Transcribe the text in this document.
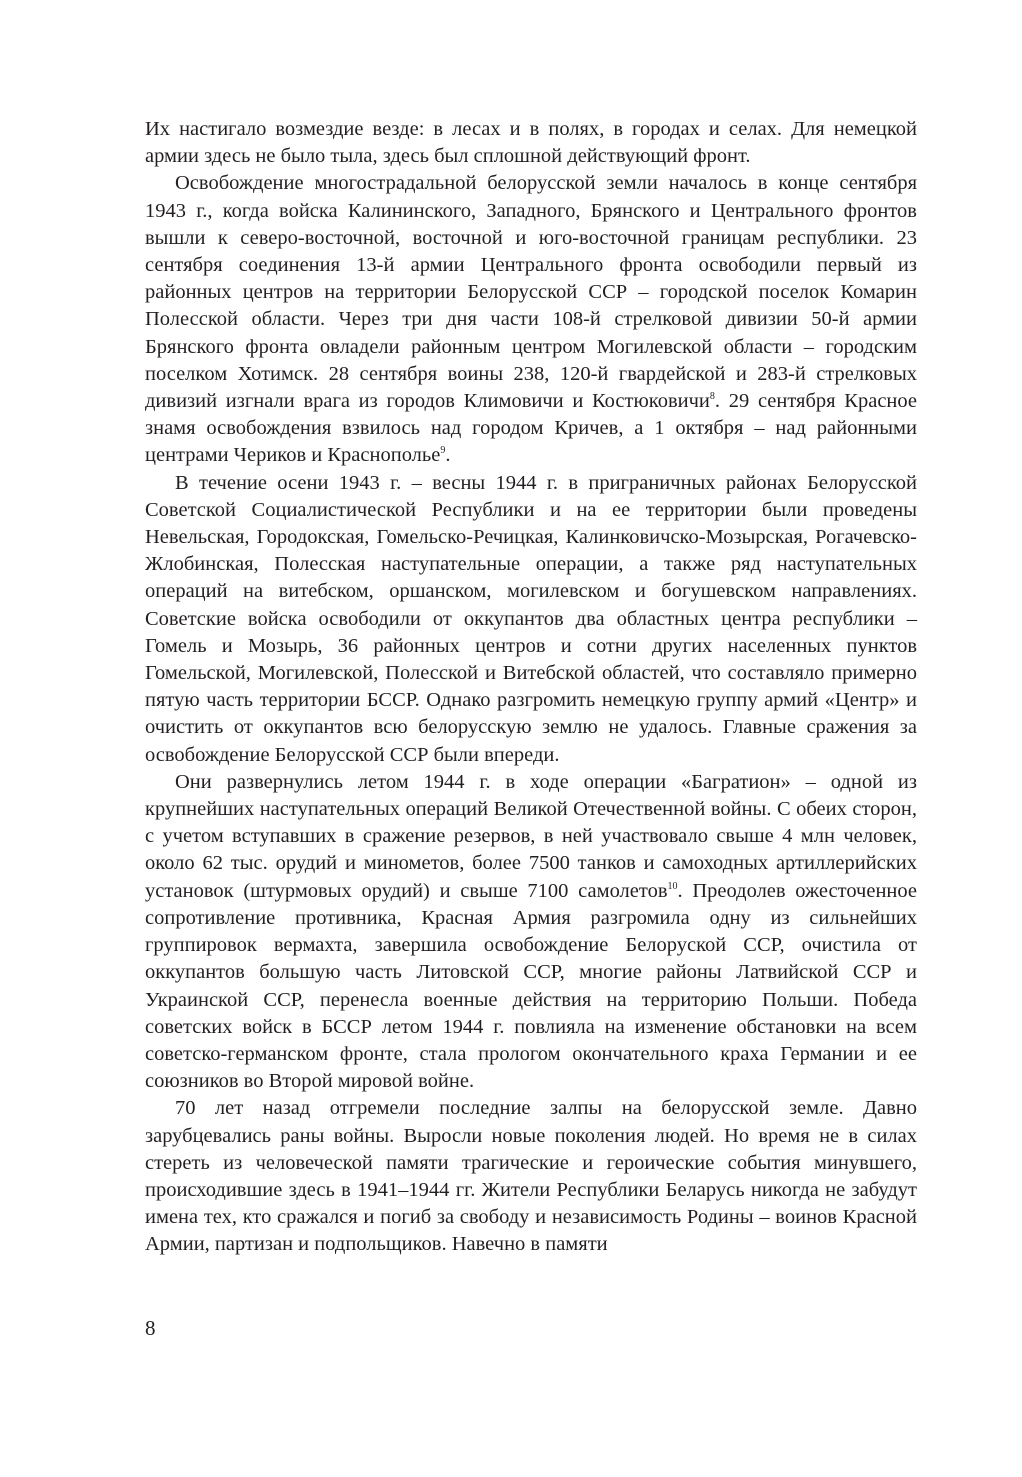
Их настигало возмездие везде: в лесах и в полях, в городах и селах. Для немецкой армии здесь не было тыла, здесь был сплошной действующий фронт.

Освобождение многострадальной белорусской земли началось в конце сентября 1943 г., когда войска Калининского, Западного, Брянского и Центрального фронтов вышли к северо-восточной, восточной и юго-восточной границам республики. 23 сентября соединения 13-й армии Центрального фронта освободили первый из районных центров на территории Белорусской ССР – городской поселок Комарин Полесской области. Через три дня части 108-й стрелковой дивизии 50-й армии Брянского фронта овладели районным центром Могилевской области – городским поселком Хотимск. 28 сентября воины 238, 120-й гвардейской и 283-й стрелковых дивизий изгнали врага из городов Климовичи и Костюковичи$^8$. 29 сентября Красное знамя освобождения взвилось над городом Кричев, а 1 октября – над районными центрами Чериков и Краснополье$^9$.

В течение осени 1943 г. – весны 1944 г. в приграничных районах Белорусской Советской Социалистической Республики и на ее территории были проведены Невельская, Городокская, Гомельско-Речицкая, Калинковичско-Мозырская, Рогачевско-Жлобинская, Полесская наступательные операции, а также ряд наступательных операций на витебском, оршанском, могилевском и богушевском направлениях. Советские войска освободили от оккупантов два областных центра республики – Гомель и Мозырь, 36 районных центров и сотни других населенных пунктов Гомельской, Могилевской, Полесской и Витебской областей, что составляло примерно пятую часть территории БССР. Однако разгромить немецкую группу армий «Центр» и очистить от оккупантов всю белорусскую землю не удалось. Главные сражения за освобождение Белорусской ССР были впереди.

Они развернулись летом 1944 г. в ходе операции «Багратион» – одной из крупнейших наступательных операций Великой Отечественной войны. С обеих сторон, с учетом вступавших в сражение резервов, в ней участвовало свыше 4 млн человек, около 62 тыс. орудий и минометов, более 7500 танков и самоходных артиллерийских установок (штурмовых орудий) и свыше 7100 самолетов$^{10}$. Преодолев ожесточенное сопротивление противника, Красная Армия разгромила одну из сильнейших группировок вермахта, завершила освобождение Белоруской ССР, очистила от оккупантов большую часть Литовской ССР, многие районы Латвийской ССР и Украинской ССР, перенесла военные действия на территорию Польши. Победа советских войск в БССР летом 1944 г. повлияла на изменение обстановки на всем советско-германском фронте, стала прологом окончательного краха Германии и ее союзников во Второй мировой войне.

70 лет назад отгремели последние залпы на белорусской земле. Давно зарубцевались раны войны. Выросли новые поколения людей. Но время не в силах стереть из человеческой памяти трагические и героические события минувшего, происходившие здесь в 1941–1944 гг. Жители Республики Беларусь никогда не забудут имена тех, кто сражался и погиб за свободу и независимость Родины – воинов Красной Армии, партизан и подпольщиков. Навечно в памяти

8
